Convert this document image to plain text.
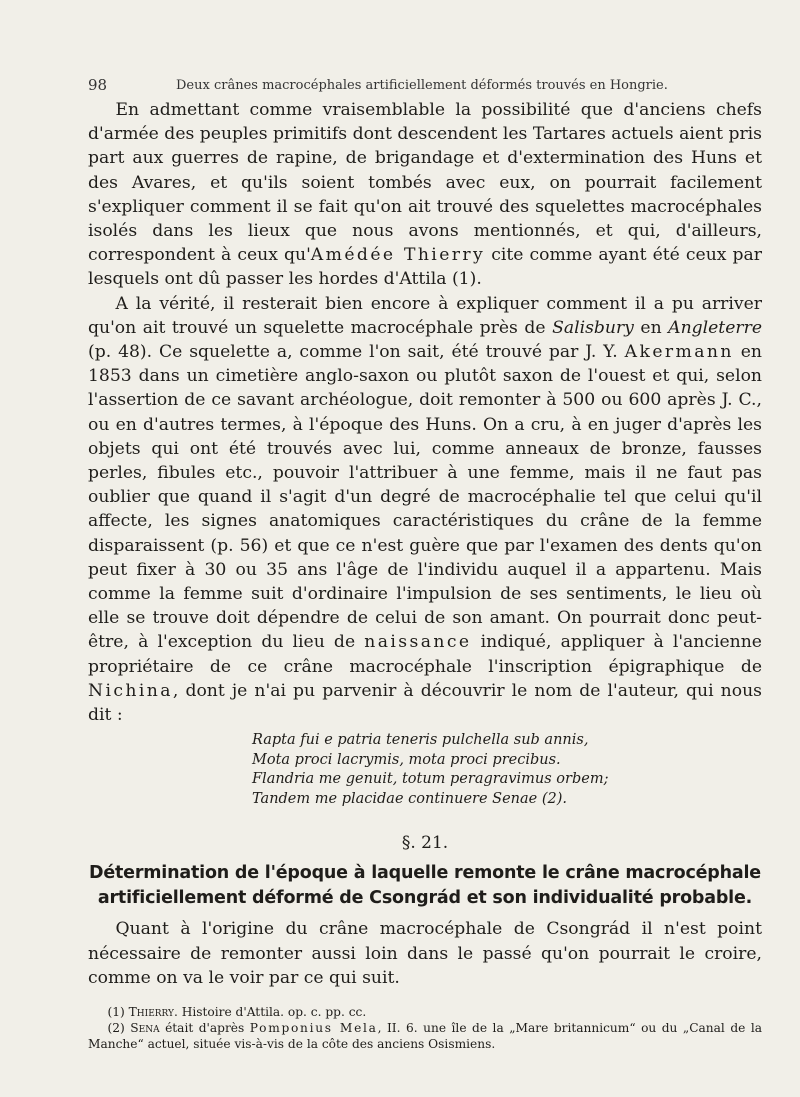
98	Deux crânes macrocéphales artificiellement déformés trouvés en Hongrie.

En admettant comme vraisemblable la possibilité que d'anciens chefs d'armée des peuples primitifs dont descendent les Tartares actuels aient pris part aux guerres de rapine, de brigandage et d'extermination des Huns et des Avares, et qu'ils soient tombés avec eux, on pourrait facilement s'expliquer comment il se fait qu'on ait trouvé des squelettes macrocéphales isolés dans les lieux que nous avons mentionnés, et qui, d'ailleurs, correspondent à ceux qu'Amédée Thierry cite comme ayant été ceux par lesquels ont dû passer les hordes d'Attila (1).

A la vérité, il resterait bien encore à expliquer comment il a pu arriver qu'on ait trouvé un squelette macrocéphale près de Salisbury en Angleterre (p. 48). Ce squelette a, comme l'on sait, été trouvé par J. Y. Akermann en 1853 dans un cimetière anglo-saxon ou plutôt saxon de l'ouest et qui, selon l'assertion de ce savant archéologue, doit remonter à 500 ou 600 après J. C., ou en d'autres termes, à l'époque des Huns. On a cru, à en juger d'après les objets qui ont été trouvés avec lui, comme anneaux de bronze, fausses perles, fibules etc., pouvoir l'attribuer à une femme, mais il ne faut pas oublier que quand il s'agit d'un degré de macrocéphalie tel que celui qu'il affecte, les signes anatomiques caractéristiques du crâne de la femme disparaissent (p. 56) et que ce n'est guère que par l'examen des dents qu'on peut fixer à 30 ou 35 ans l'âge de l'individu auquel il a appartenu. Mais comme la femme suit d'ordinaire l'impulsion de ses sentiments, le lieu où elle se trouve doit dépendre de celui de son amant. On pourrait donc peut-être, à l'exception du lieu de naissance indiqué, appliquer à l'ancienne propriétaire de ce crâne macrocéphale l'inscription épigraphique de Nichina, dont je n'ai pu parvenir à découvrir le nom de l'auteur, qui nous dit :

Rapta fui e patria teneris pulchella sub annis,
Mota proci lacrymis, mota proci precibus.
Flandria me genuit, totum peragravimus orbem;
Tandem me placidae continuere Senae (2).
§. 21.
Détermination de l'époque à laquelle remonte le crâne macrocéphale
artificiellement déformé de Csongrád et son individualité probable.

Quant à l'origine du crâne macrocéphale de Csongrád il n'est point nécessaire de remonter aussi loin dans le passé qu'on pourrait le croire, comme on va le voir par ce qui suit.

(1) Thierry. Histoire d'Attila. op. c. pp. cc.

(2) Sena était d'après Pomponius Mela, II. 6. une île de la „Mare britannicum“ ou du „Canal de la Manche“ actuel, située vis-à-vis de la côte des anciens Osismiens.
